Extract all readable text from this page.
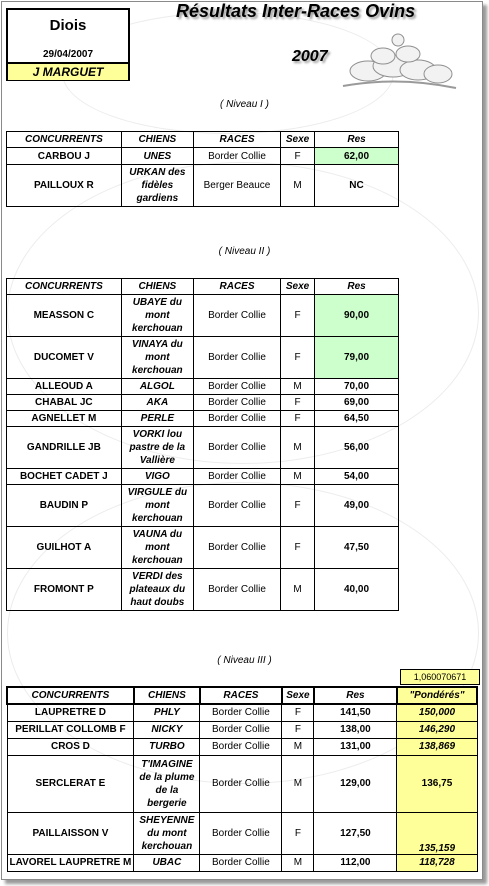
Diois
29/04/2007
J MARGUET
Résultats Inter-Races Ovins
2007
( Niveau I )
CONCURRENTS	CHIENS	RACES	Sexe	Res
CARBOU J	UNES	Border Collie	F	62,00
PAILLOUX R	URKAN des fidèles gardiens	Berger Beauce	M	NC
( Niveau II )
CONCURRENTS	CHIENS	RACES	Sexe	Res
MEASSON C	UBAYE du mont kerchouan	Border Collie	F	90,00
DUCOMET V	VINAYA du mont kerchouan	Border Collie	F	79,00
ALLEOUD A	ALGOL	Border Collie	M	70,00
CHABAL JC	AKA	Border Collie	F	69,00
AGNELLET M	PERLE	Border Collie	F	64,50
GANDRILLE JB	VORKI lou pastre de la Vallière	Border Collie	M	56,00
BOCHET CADET J	VIGO	Border Collie	M	54,00
BAUDIN P	VIRGULE du mont kerchouan	Border Collie	F	49,00
GUILHOT A	VAUNA du mont kerchouan	Border Collie	F	47,50
FROMONT P	VERDI des plateaux du haut doubs	Border Collie	M	40,00
( Niveau III )
1,060070671
CONCURRENTS	CHIENS	RACES	Sexe	Res	"Pondérés"
LAUPRETRE D	PHLY	Border Collie	F	141,50	150,000
PERILLAT COLLOMB F	NICKY	Border Collie	F	138,00	146,290
CROS D	TURBO	Border Collie	M	131,00	138,869
SERCLERAT E	T'IMAGINE de la plume de la bergerie	Border Collie	M	129,00	136,75
PAILLAISSON V	SHEYENNE du mont kerchouan	Border Collie	F	127,50	135,159
LAVOREL LAUPRETRE M	UBAC	Border Collie	M	112,00	118,728
